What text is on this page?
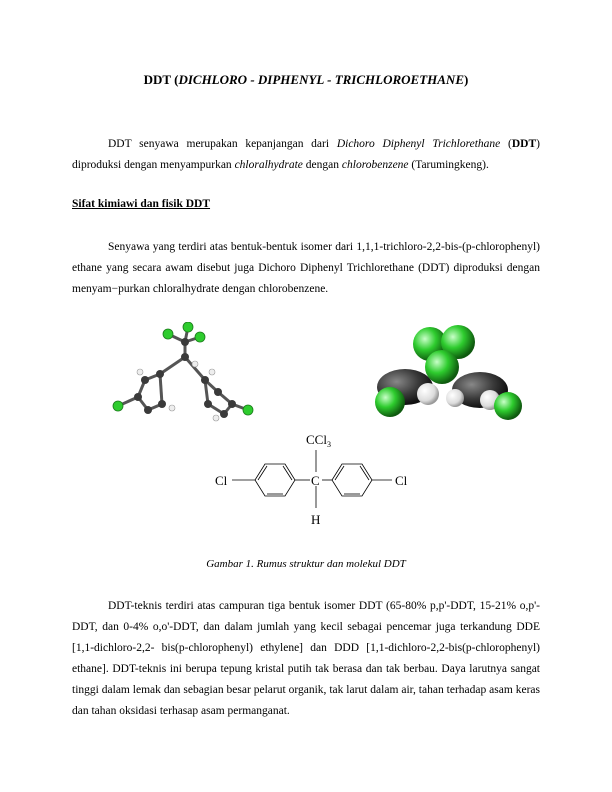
DDT (DICHLORO - DIPHENYL - TRICHLOROETHANE)
DDT senyawa merupakan kepanjangan dari Dichoro Diphenyl Trichlorethane (DDT) diproduksi dengan menyampurkan chloralhydrate dengan chlorobenzene (Tarumingkeng).
Sifat kimiawi dan fisik DDT
Senyawa yang terdiri atas bentuk-bentuk isomer dari 1,1,1-trichloro-2,2-bis-(p-chlorophenyl) ethane yang secara awam disebut juga Dichoro Diphenyl Trichlorethane (DDT) diproduksi dengan menyam−purkan chloralhydrate dengan chlorobenzene.
CCl$_3$
Cl	C	Cl
H
Gambar 1. Rumus struktur dan molekul DDT
DDT-teknis terdiri atas campuran tiga bentuk isomer DDT (65-80% p,p'-DDT, 15-21% o,p'-DDT, dan 0-4% o,o'-DDT, dan dalam jumlah yang kecil sebagai pencemar juga terkandung DDE [1,1-dichloro-2,2- bis(p-chlorophenyl) ethylene] dan DDD [1,1-dichloro-2,2-bis(p-chlorophenyl) ethane]. DDT-teknis ini berupa tepung kristal putih tak berasa dan tak berbau. Daya larutnya sangat tinggi dalam lemak dan sebagian besar pelarut organik, tak larut dalam air, tahan terhadap asam keras dan tahan oksidasi terhasap asam permanganat.
